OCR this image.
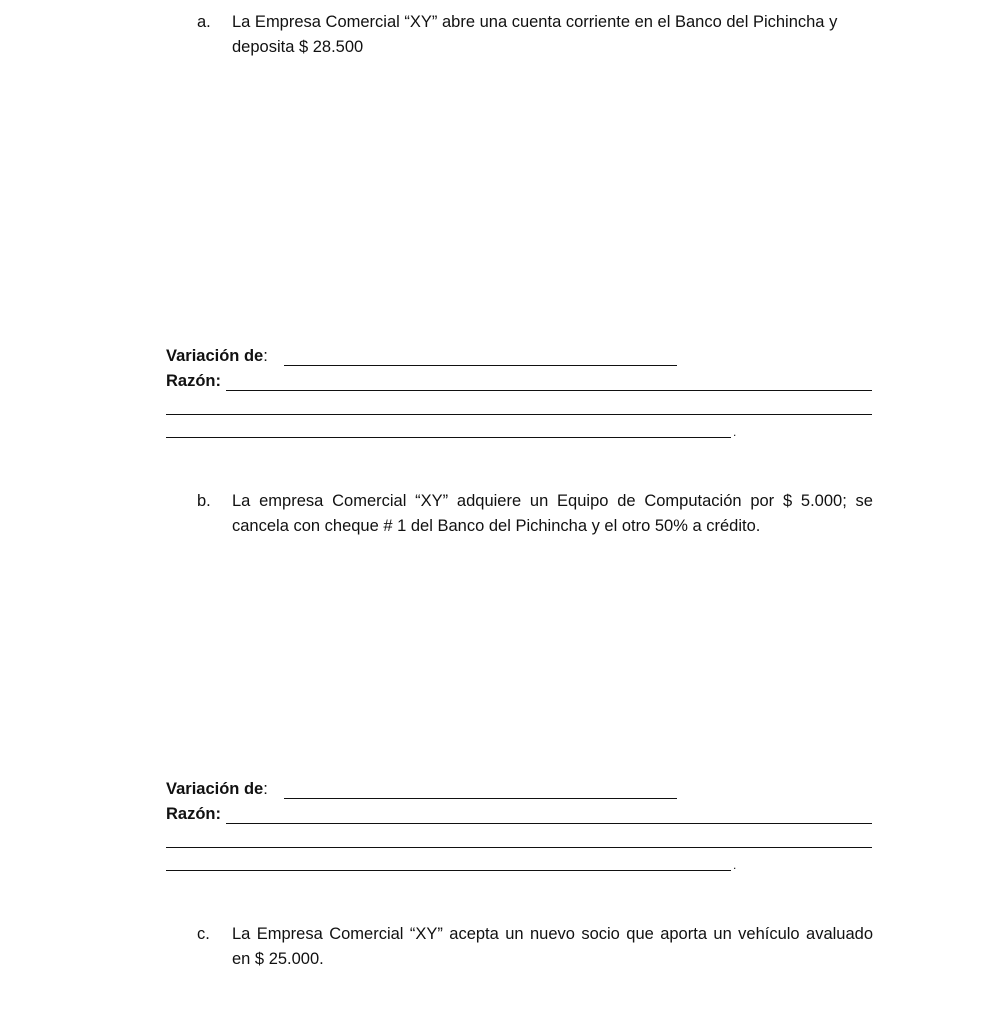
a.	La Empresa Comercial “XY” abre una cuenta corriente en el Banco del Pichincha y deposita $ 28.500
Variación de:
Razón:
.
b.	La empresa Comercial “XY” adquiere un Equipo de Computación por $ 5.000; se cancela con cheque # 1 del Banco del Pichincha y el otro 50% a crédito.
Variación de:
Razón:
.
c.	La Empresa Comercial “XY” acepta un nuevo socio que aporta un vehículo avaluado en $ 25.000.
